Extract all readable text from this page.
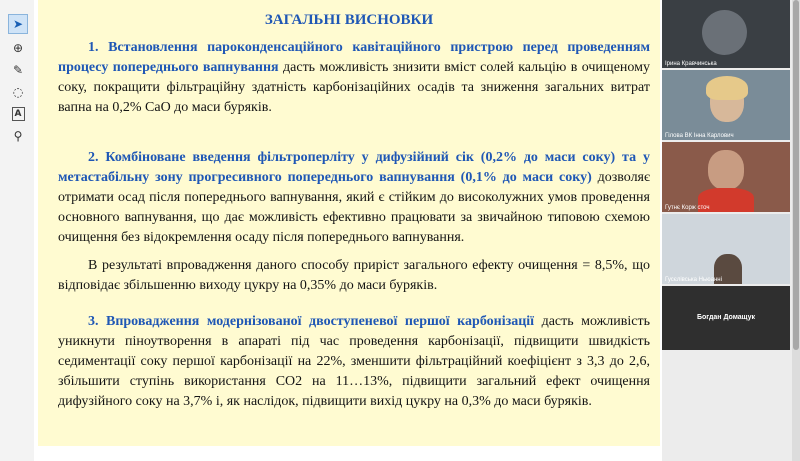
➤
⊕
✎
◌
A
⚲
ЗАГАЛЬНІ ВИСНОВКИ

1. Встановлення пароконденсаційного кавітаційного пристрою перед проведенням процесу попереднього вапнування дасть можливість знизити вміст солей кальцію в очищеному соку, покращити фільтраційну здатність карбонізаційних осадів та зниження загальних витрат вапна на 0,2% СаО до маси буряків.

2. Комбіноване введення фільтроперліту у дифузійний сік (0,2% до маси соку) та у метастабільну зону прогресивного попереднього вапнування (0,1% до маси соку) дозволяє отримати осад після попереднього вапнування, який є стійким до високолужних умов проведення основного вапнування, що дає можливість ефективно працювати за звичайною типовою схемою очищення без відокремлення осаду після попереднього вапнування.

В результаті впровадження даного способу приріст загального ефекту очищення = 8,5%, що відповідає збільшенню виходу цукру на 0,35% до маси буряків.

3. Впровадження модернізованої двоступеневої першої карбонізації дасть можливість уникнути піноутворення в апараті під час проведення карбонізації, підвищити швидкість седиментації соку першої карбонізації на 22%, зменшити фільтраційний коефіцієнт з 3,3 до 2,6, збільшити ступінь використання СО2 на 11…13%, підвищити загальний ефект очищення дифузійного соку на 3,7% і, як наслідок, підвищити вихід цукру на 0,3% до маси буряків.

Ірина Кравчинська
Гілова ВК Інна Карлович
Гутнє Корж сточ
Гусєлівська Ньюанні
Богдан Домащук
